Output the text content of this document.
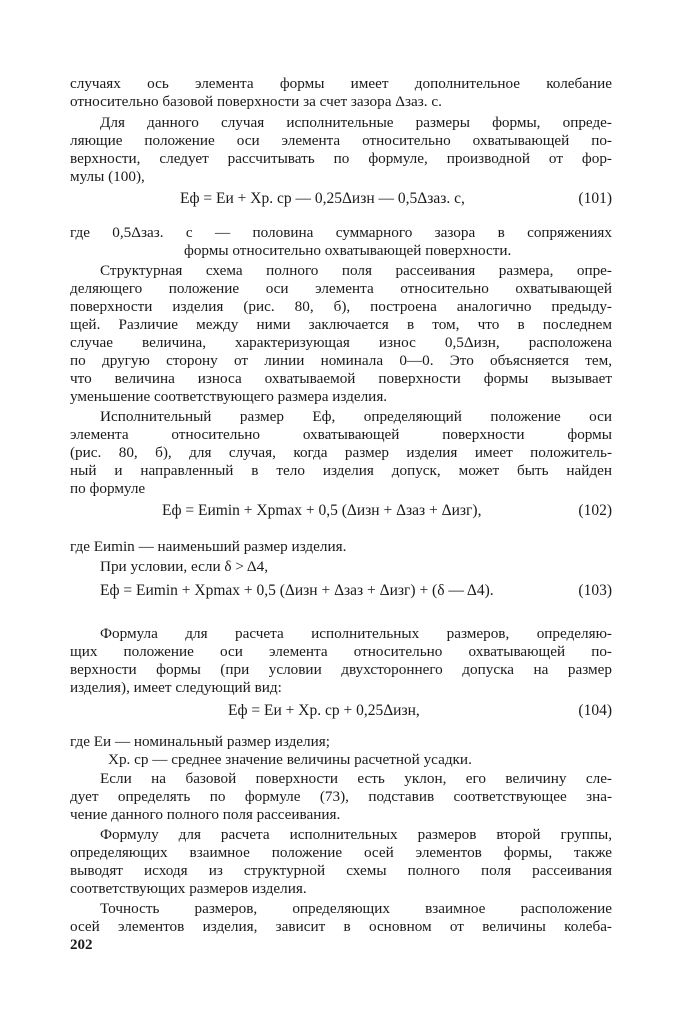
случаях ось элемента формы имеет дополнительное колебание
относительно базовой поверхности за счет зазора Δзаз. с.
Для данного случая исполнительные размеры формы, опреде-
ляющие положение оси элемента относительно охватывающей по-
верхности, следует рассчитывать по формуле, производной от фор-
мулы (100),
Еф = Еи + Xр. ср — 0,25Δизн — 0,5Δзаз. с,	(101)
где 0,5Δзаз. с — половина суммарного зазора в сопряжениях
формы относительно охватывающей поверхности.
Структурная схема полного поля рассеивания размера, опре-
деляющего положение оси элемента относительно охватывающей
поверхности изделия (рис. 80, б), построена аналогично предыду-
щей. Различие между ними заключается в том, что в последнем
случае величина, характеризующая износ 0,5Δизн, расположена
по другую сторону от линии номинала 0—0. Это объясняется тем,
что величина износа охватываемой поверхности формы вызывает
уменьшение соответствующего размера изделия.
Исполнительный размер Еф, определяющий положение оси
элемента относительно охватывающей поверхности формы
(рис. 80, б), для случая, когда размер изделия имеет положитель-
ный и направленный в тело изделия допуск, может быть найден
по формуле
Еф = Еиmin + Xpmax + 0,5 (Δизн + Δзаз + Δизг),	(102)
где Еиmin — наименьший размер изделия.
При условии, если δ > Δ4,
Еф = Еиmin + Xpmax + 0,5 (Δизн + Δзаз + Δизг) + (δ — Δ4).	(103)
Формула для расчета исполнительных размеров, определяю-
щих положение оси элемента относительно охватывающей по-
верхности формы (при условии двухстороннего допуска на размер
изделия), имеет следующий вид:
Еф = Еи + Xр. ср + 0,25Δизн,	(104)
где Еи — номинальный размер изделия;
Xр. ср — среднее значение величины расчетной усадки.
Если на базовой поверхности есть уклон, его величину сле-
дует определять по формуле (73), подставив соответствующее зна-
чение данного полного поля рассеивания.
Формулу для расчета исполнительных размеров второй группы,
определяющих взаимное положение осей элементов формы, также
выводят исходя из структурной схемы полного поля рассеивания
соответствующих размеров изделия.
Точность размеров, определяющих взаимное расположение
осей элементов изделия, зависит в основном от величины колеба-
202
